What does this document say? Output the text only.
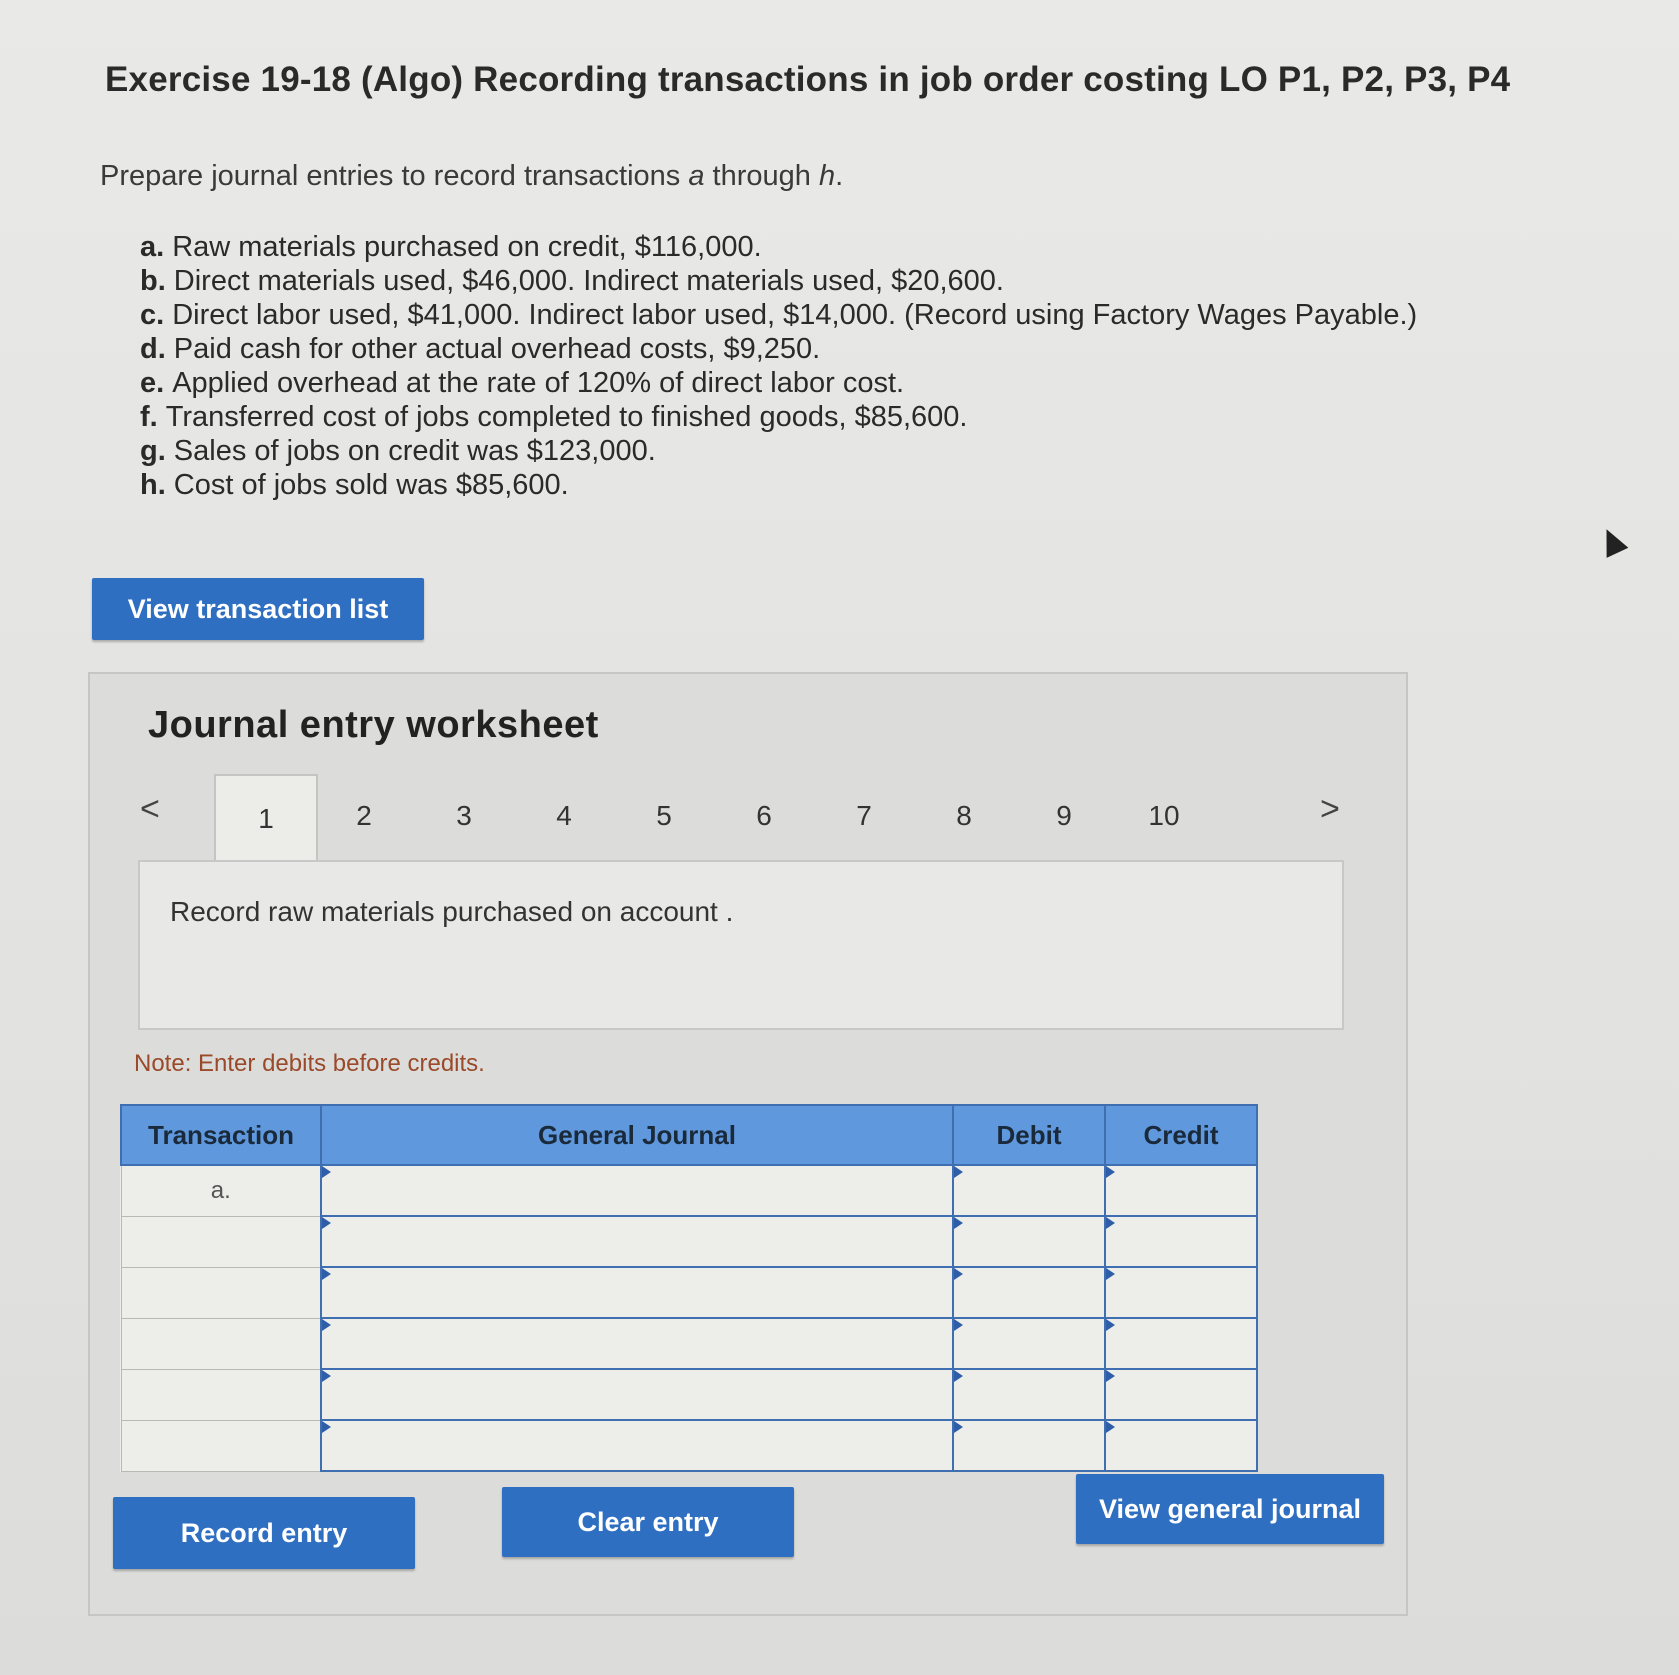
Exercise 19-18 (Algo) Recording transactions in job order costing LO P1, P2, P3, P4
Prepare journal entries to record transactions a through h.
a. Raw materials purchased on credit, $116,000.
b. Direct materials used, $46,000. Indirect materials used, $20,600.
c. Direct labor used, $41,000. Indirect labor used, $14,000. (Record using Factory Wages Payable.)
d. Paid cash for other actual overhead costs, $9,250.
e. Applied overhead at the rate of 120% of direct labor cost.
f. Transferred cost of jobs completed to finished goods, $85,600.
g. Sales of jobs on credit was $123,000.
h. Cost of jobs sold was $85,600.
View transaction list
Journal entry worksheet
<	1	2	3	4	5	6	7	8	9	10	>
Record raw materials purchased on account .
Note: Enter debits before credits.
Transaction	General Journal	Debit	Credit
a.			

Record entry	Clear entry	View general journal
